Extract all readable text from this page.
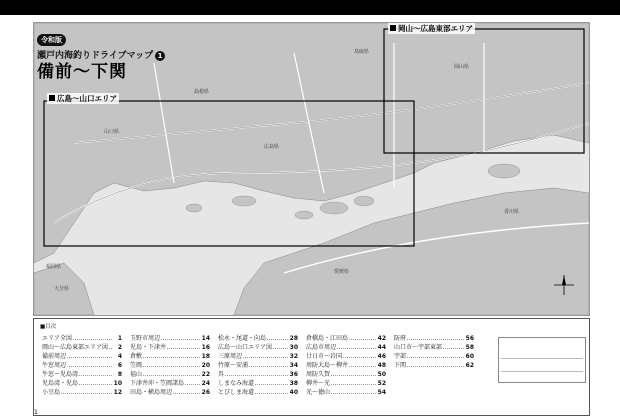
令和版
瀬戸内海釣りドライブマップ 1
備前〜下関
広島〜山口エリア
岡山〜広島東部エリア
山口県
広島県
岡山県
島根県
鳥取県
愛媛県
香川県
大分県
福岡県
■目次
エリア全図	1
岡山〜広島東部エリア図 2
備前周辺	4
牛窓周辺	6
牛窓〜児島湾	8
児島湾・児島	10
小豆島	12
玉野市周辺	14
児島・下津井	16
倉敷	18
笠岡	20
福山	22
下津井沖・笠岡諸島	24
田島・横島周辺	26
松永・尾道・向島	28
広島〜山口エリア図	30
三原周辺	32
竹原〜安浦	34
呉	36
しまなみ海道	38
とびしま海道	40
倉橋島・江田島	42
広島市周辺	44
廿日市〜岩国	46
周防大島〜柳井	48
周防久賀	50
柳井〜光	52
光〜徳山	54
防府	56
山口市〜宇部東部	58
宇部	60
下関	62
1
